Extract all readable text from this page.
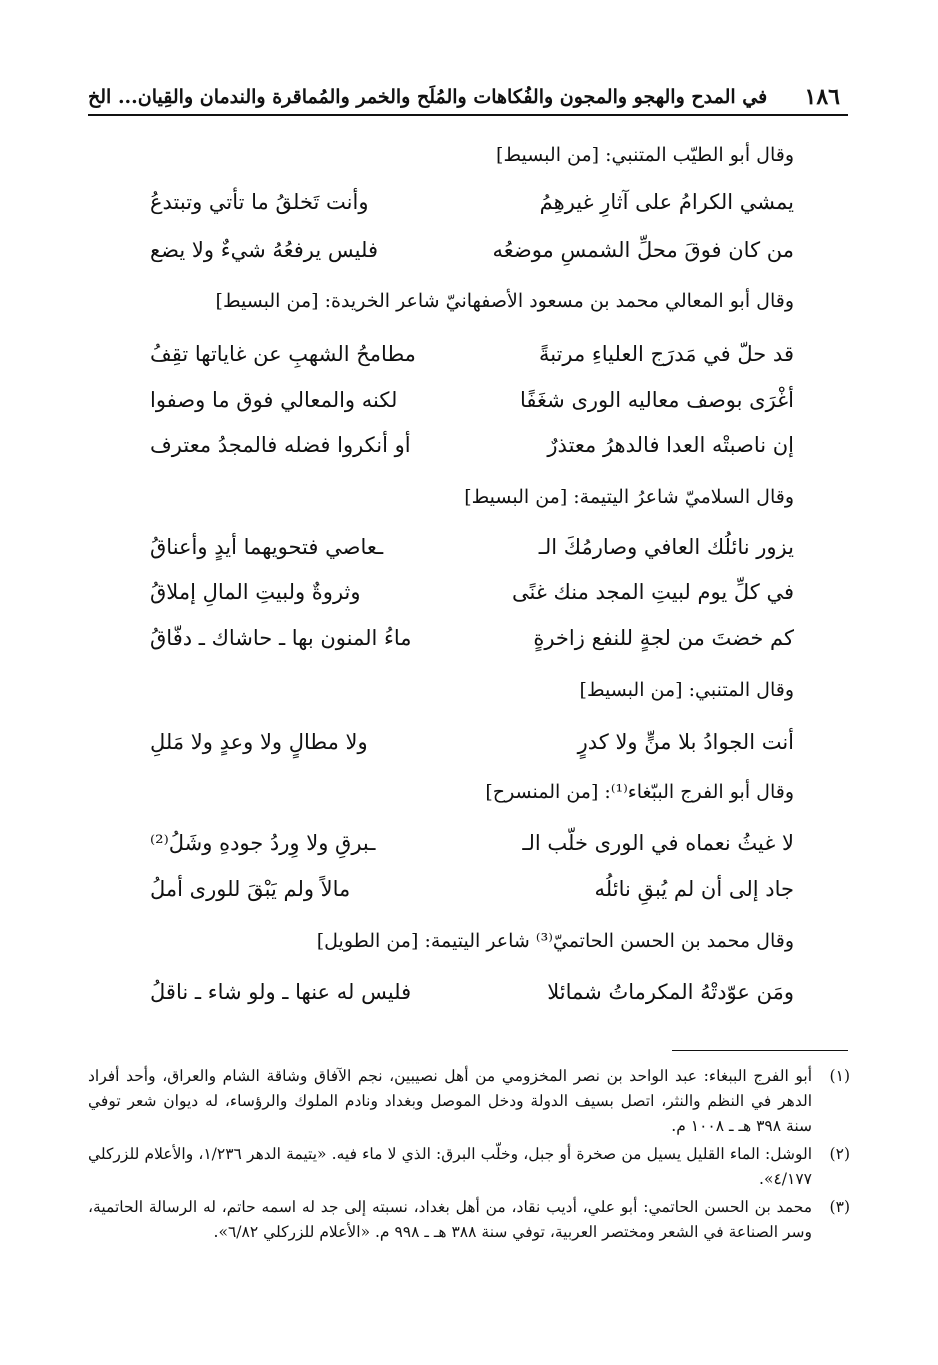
١٨٦
في المدح والهجو والمجون والفُكاهات والمُلَح والخمر والمُماقرة والندمان والقِيان... الخ

وقال أبو الطيّب المتنبي: [من البسيط]

يمشي الكرامُ على آثارِ غيرهِمُ
وأنت تَخلقُ ما تأتي وتبتدعُ
من كان فوقَ محلِّ الشمسِ موضعُه
فليس يرفعُهُ شيءٌ ولا يضع

وقال أبو المعالي محمد بن مسعود الأصفهانيّ شاعر الخريدة: [من البسيط]

قد حلّ في مَدرَج العلياءِ مرتبةً
مطامحُ الشهبِ عن غاياتها تقِفُ
أغْرَى بوصف معاليه الورى شغَفًا
لكنه والمعالي فوق ما وصفوا
إن ناصبتْه العدا فالدهرُ معتذرٌ
أو أنكروا فضله فالمجدُ معترف

وقال السلاميّ شاعرُ اليتيمة: [من البسيط]

يزور نائلُك العافي وصارمُكَ الـ
ـعاصي فتحويهما أيدٍ وأعناقُ
في كلِّ يوم لبيتِ المجد منك غنًى
وثروةٌ ولبيتِ المالِ إملاقُ
كم خضتَ من لجةٍ للنفع زاخرةٍ
ماءُ المنون بها ـ حاشاك ـ دفّاقُ

وقال المتنبي: [من البسيط]

أنت الجوادُ بلا منٍّ ولا كدرٍ
ولا مطالٍ ولا وعدٍ ولا مَللِ

وقال أبو الفرج الببّغاء⁽¹⁾: [من المنسرح]

لا غيثُ نعماه في الورى خلّب الـ
ـبرقِ ولا وِردُ جودهِ وشَلُ⁽²⁾
جاد إلى أن لم يُبقِ نائلُه
مالاً ولم يَبْقَ للورى أملُ

وقال محمد بن الحسن الحاتميّ⁽³⁾ شاعر اليتيمة: [من الطويل]

ومَن عوّدتْهُ المكرماتُ شمائلا
فليس له عنها ـ ولو شاء ـ ناقلُ
(١)
أبو الفرج الببغاء: عبد الواحد بن نصر المخزومي من أهل نصيبين، نجم الآفاق وشاقة الشام والعراق، وأحد أفراد الدهر في النظم والنثر، اتصل بسيف الدولة ودخل الموصل وبغداد ونادم الملوك والرؤساء، له ديوان شعر توفي سنة ٣٩٨ هـ ـ ١٠٠٨ م.
(٢)
الوشل: الماء القليل يسيل من صخرة أو جبل، وخلّب البرق: الذي لا ماء فيه. «يتيمة الدهر ١/٢٣٦، والأعلام للزركلي ٤/١٧٧».
(٣)
محمد بن الحسن الحاتمي: أبو علي، أديب نقاد، من أهل بغداد، نسبته إلى جد له اسمه حاتم، له الرسالة الحاتمية، وسر الصناعة في الشعر ومختصر العربية، توفي سنة ٣٨٨ هـ ـ ٩٩٨ م. «الأعلام للزركلي ٦/٨٢».
